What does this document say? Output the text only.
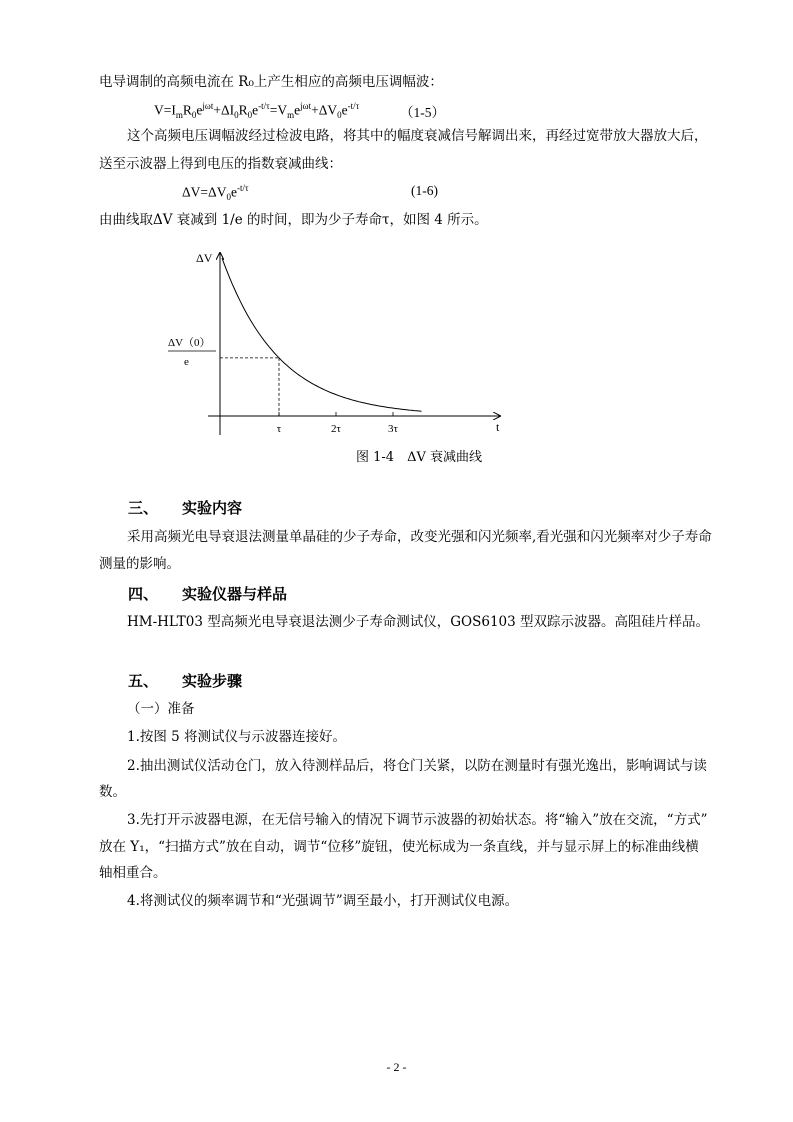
电导调制的高频电流在 R₀上产生相应的高频电压调幅波：
$V=I_mR_0e^{j\omega t}+\Delta I_0R_0e^{-t/\tau}=V_me^{j\omega t}+\Delta V_0e^{-t/\tau}$	（1-5）
这个高频电压调幅波经过检波电路，将其中的幅度衰减信号解调出来，再经过宽带放大器放大后，
送至示波器上得到电压的指数衰减曲线：
$\Delta V=\Delta V_0e^{-t/\tau}$	(1-6)
由曲线取ΔV 衰减到 1/e 的时间，即为少子寿命τ，如图 4 所示。
ΔV
t
ΔV（0）
e
τ	2τ	3τ
图 1-4　ΔV 衰减曲线
三、 实验内容
采用高频光电导衰退法测量单晶硅的少子寿命，改变光强和闪光频率,看光强和闪光频率对少子寿命
测量的影响。
四、 实验仪器与样品
HM-HLT03 型高频光电导衰退法测少子寿命测试仪，GOS6103 型双踪示波器。高阻硅片样品。
五、 实验步骤
（一）准备
1.按图 5 将测试仪与示波器连接好。
2.抽出测试仪活动仓门，放入待测样品后，将仓门关紧，以防在测量时有强光逸出，影响调试与读
数。
3.先打开示波器电源，在无信号输入的情况下调节示波器的初始状态。将“输入”放在交流，“方式”
放在 Y₁，“扫描方式”放在自动，调节“位移”旋钮，使光标成为一条直线，并与显示屏上的标准曲线横
轴相重合。
4.将测试仪的频率调节和“光强调节”调至最小，打开测试仪电源。
- 2 -
